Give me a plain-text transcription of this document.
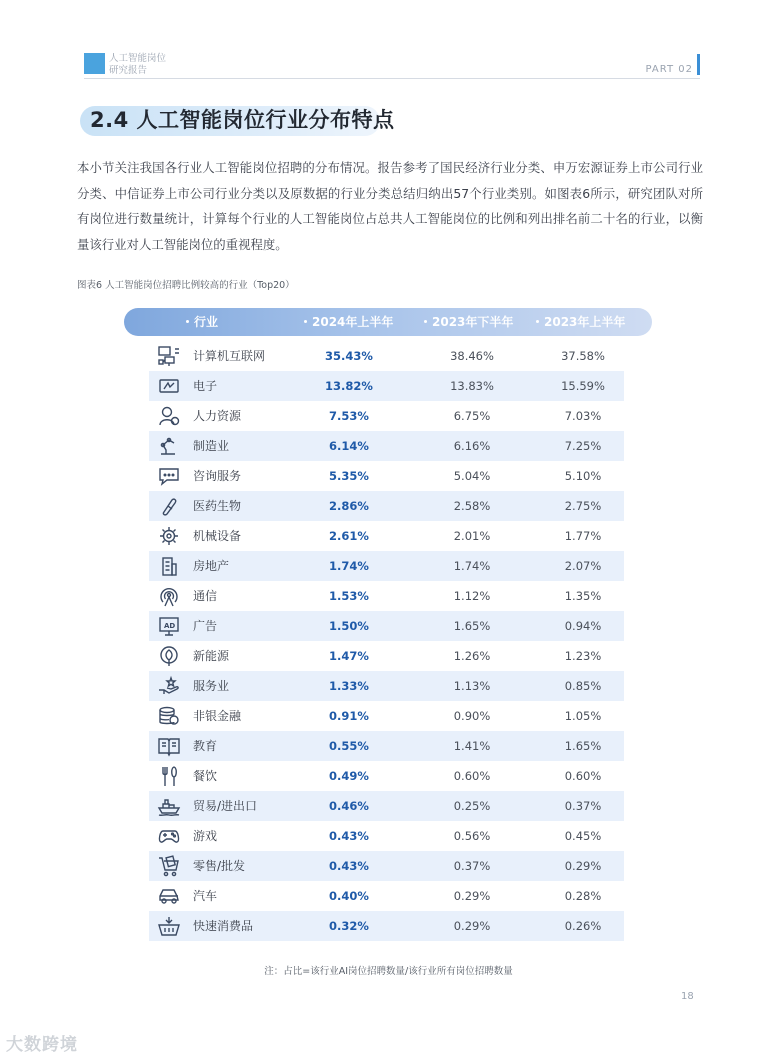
人工智能岗位
研究报告	PART 02
2.4 人工智能岗位行业分布特点
本小节关注我国各行业人工智能岗位招聘的分布情况。报告参考了国民经济行业分类、申万宏源证券上市公司行业分类、中信证券上市公司行业分类以及原数据的行业分类总结归纳出57个行业类别。如图表6所示，研究团队对所有岗位进行数量统计，计算每个行业的人工智能岗位占总共人工智能岗位的比例和列出排名前二十名的行业，以衡量该行业对人工智能岗位的重视程度。
图表6 人工智能岗位招聘比例较高的行业（Top20）
行业	2024年上半年	2023年下半年	2023年上半年
计算机互联网	35.43%	38.46%	37.58%
电子	13.82%	13.83%	15.59%
人力资源	7.53%	6.75%	7.03%
制造业	6.14%	6.16%	7.25%
咨询服务	5.35%	5.04%	5.10%
医药生物	2.86%	2.58%	2.75%
机械设备	2.61%	2.01%	1.77%
房地产	1.74%	1.74%	2.07%
通信	1.53%	1.12%	1.35%
AD 广告	1.50%	1.65%	0.94%
新能源	1.47%	1.26%	1.23%
服务业	1.33%	1.13%	0.85%
非银金融	0.91%	0.90%	1.05%
教育	0.55%	1.41%	1.65%
餐饮	0.49%	0.60%	0.60%
贸易/进出口	0.46%	0.25%	0.37%
游戏	0.43%	0.56%	0.45%
零售/批发	0.43%	0.37%	0.29%
汽车	0.40%	0.29%	0.28%
快速消费品	0.32%	0.29%	0.26%
注：占比=该行业AI岗位招聘数量/该行业所有岗位招聘数量
18
大数跨境
